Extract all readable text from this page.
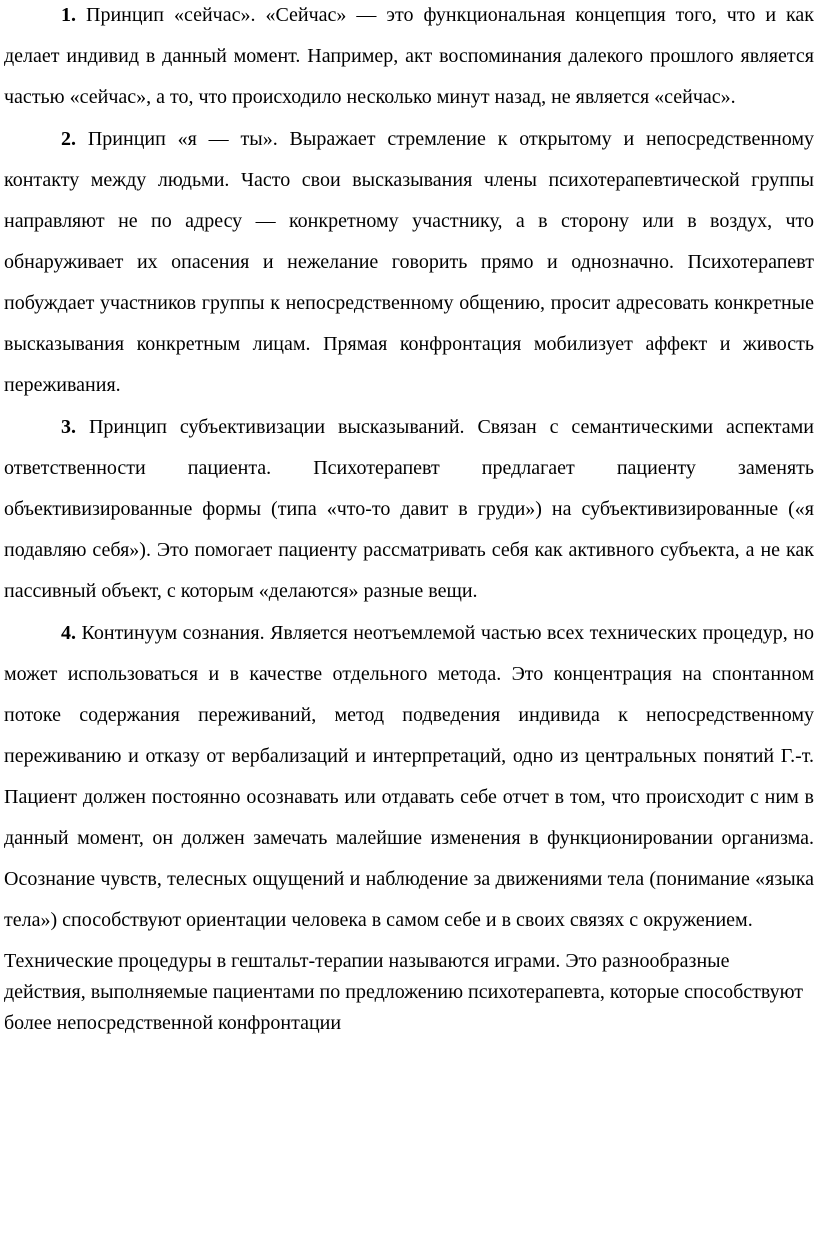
1. Принцип «сейчас». «Сейчас» — это функциональная концепция того, что и как делает индивид в данный момент. Например, акт воспоминания далекого прошлого является частью «сейчас», а то, что происходило несколько минут назад, не является «сейчас».

2. Принцип «я — ты». Выражает стремление к открытому и непосредственному контакту между людьми. Часто свои высказывания члены психотерапевтической группы направляют не по адресу — конкретному участнику, а в сторону или в воздух, что обнаруживает их опасения и нежелание говорить прямо и однозначно. Психотерапевт побуждает участников группы к непосредственному общению, просит адресовать конкретные высказывания конкретным лицам. Прямая конфронтация мобилизует аффект и живость переживания.

3. Принцип субъективизации высказываний. Связан с семантическими аспектами ответственности пациента. Психотерапевт предлагает пациенту заменять объективизированные формы (типа «что-то давит в груди») на субъективизированные («я подавляю себя»). Это помогает пациенту рассматривать себя как активного субъекта, а не как пассивный объект, с которым «делаются» разные вещи.

4. Континуум сознания. Является неотъемлемой частью всех технических процедур, но может использоваться и в качестве отдельного метода. Это концентрация на спонтанном потоке содержания переживаний, метод подведения индивида к непосредственному переживанию и отказу от вербализаций и интерпретаций, одно из центральных понятий Г.-т. Пациент должен постоянно осознавать или отдавать себе отчет в том, что происходит с ним в данный момент, он должен замечать малейшие изменения в функционировании организма. Осознание чувств, телесных ощущений и наблюдение за движениями тела (понимание «языка тела») способствуют ориентации человека в самом себе и в своих связях с окружением.

Технические процедуры в гештальт-терапии называются играми. Это разнообразные действия, выполняемые пациентами по предложению психотерапевта, которые способствуют более непосредственной конфронтации
